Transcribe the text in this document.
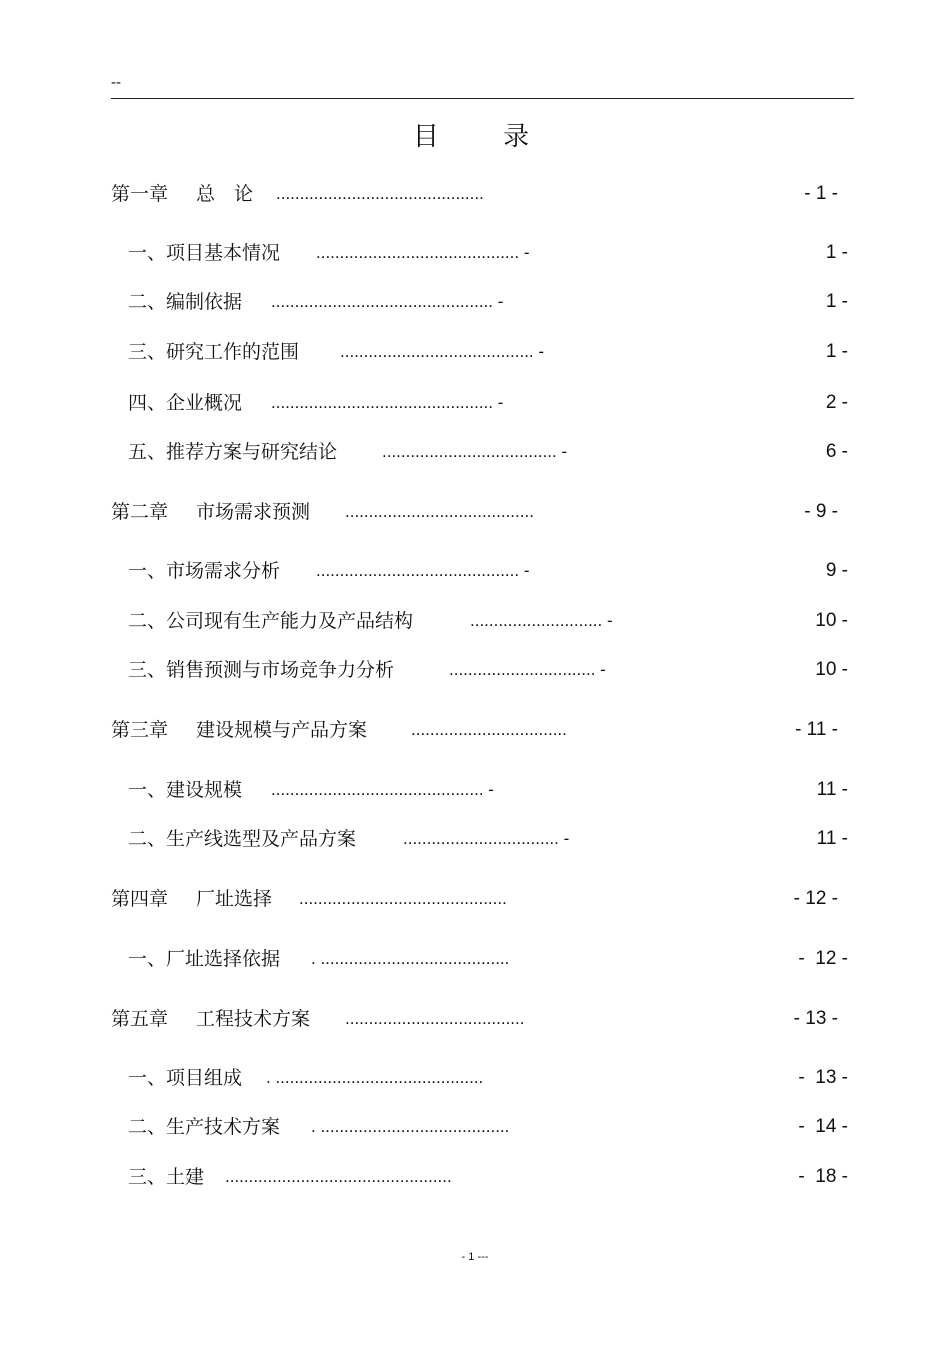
--
目 录
第一章 总　论 ............................................	- 1 -
一、项目基本情况 ........................................... -	1 -
二、编制依据 ............................................... -	1 -
三、研究工作的范围 ......................................... -	1 -
四、企业概况 ............................................... -	2 -
五、推荐方案与研究结论	..................................... -	6 -
第二章 市场需求预测 ........................................	- 9 -
一、市场需求分析 ........................................... -	9 -
二、公司现有生产能力及产品结构	............................ -	10 -
三、销售预测与市场竞争力分析	............................... -	10 -
第三章 建设规模与产品方案	.................................	- 11 -
一、建设规模 ............................................. -	11 -
二、生产线选型及产品方案	................................. -	11 -
第四章 厂址选择 ............................................	- 12 -
一、厂址选择依据 . ........................................	-  12 -
第五章 工程技术方案 ......................................	- 13 -
一、项目组成 . ............................................	-  13 -
二、生产技术方案 . ........................................	-  14 -
三、土建 ................................................	-  18 -
- 1 ---
